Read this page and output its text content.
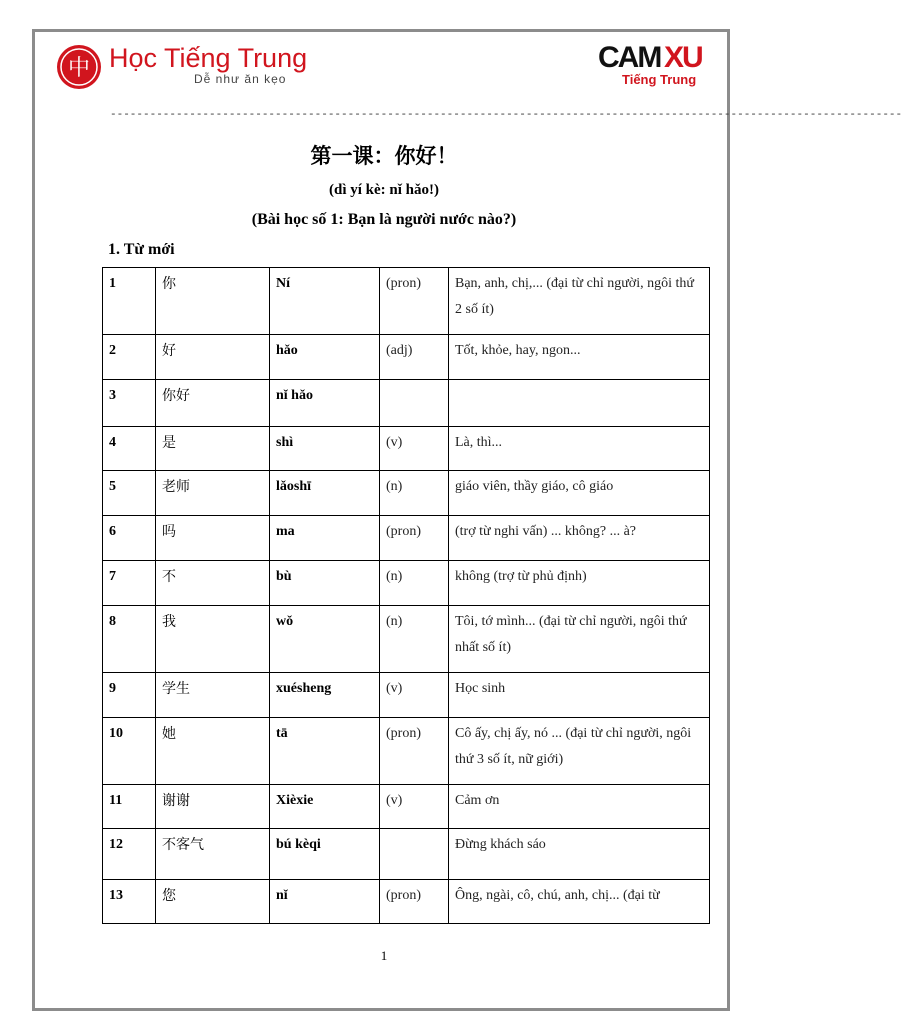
中 Học Tiếng Trung
Dễ như ăn kẹo
CAM XU
Tiếng Trung
------------------------------------------------------------------------------------------------------------------------
第一课：你好！
(dì yí kè: nǐ hǎo!)
(Bài học số 1: Bạn là người nước nào?)
1. Từ mới
1	你	Ní	(pron)	Bạn, anh, chị,... (đại từ chỉ người, ngôi thứ 2 số ít)
2	好	hǎo	(adj)	Tốt, khỏe, hay, ngon...
3	你好	nǐ hǎo		
4	是	shì	(v)	Là, thì...
5	老师	lǎoshī	(n)	giáo viên, thầy giáo, cô giáo
6	吗	ma	(pron)	(trợ từ nghi vấn) ... không? ... à?
7	不	bù	(n)	không (trợ từ phủ định)
8	我	wǒ	(n)	Tôi, tớ mình... (đại từ chỉ người, ngôi thứ nhất số ít)
9	学生	xuésheng	(v)	Học sinh
10	她	tā	(pron)	Cô ấy, chị ấy, nó ... (đại từ chỉ người, ngôi thứ 3 số ít, nữ giới)
11	谢谢	Xièxie	(v)	Cảm ơn
12	不客气	bú kèqi		Đừng khách sáo
13	您	nǐ	(pron)	Ông, ngài, cô, chú, anh, chị... (đại từ
1
